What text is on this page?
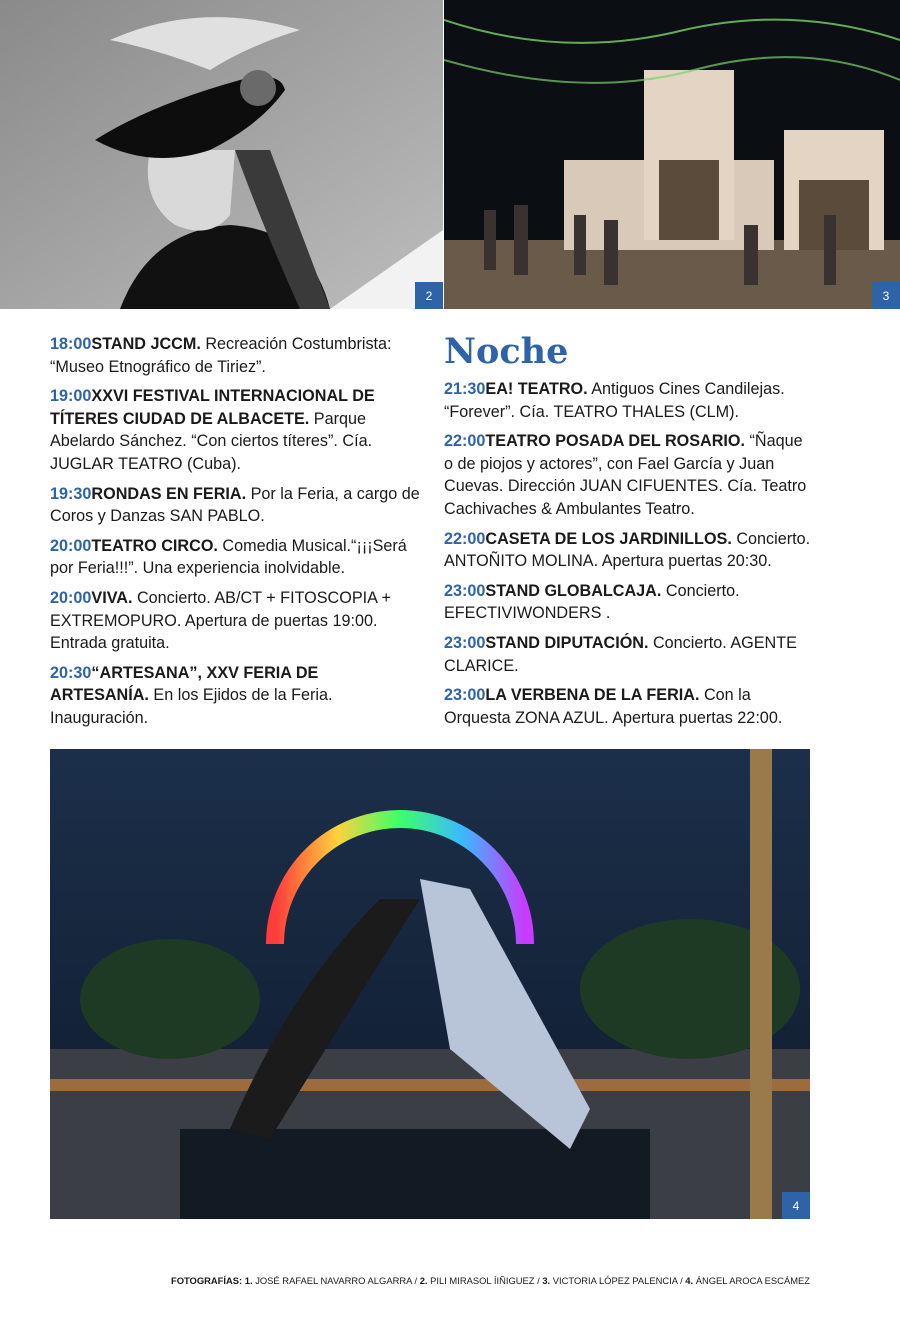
2	3

18:00STAND JCCM. Recreación Costumbrista: “Museo Etnográfico de Tiriez”.

19:00XXVI FESTIVAL INTERNACIONAL DE TÍTERES CIUDAD DE ALBACETE. Parque Abelardo Sánchez. “Con ciertos títeres”. Cía. JUGLAR TEATRO (Cuba).

19:30RONDAS EN FERIA. Por la Feria, a cargo de Coros y Danzas SAN PABLO.

20:00TEATRO CIRCO. Comedia Musical.“¡¡¡Será por Feria!!!”. Una experiencia inolvidable.

20:00VIVA. Concierto. AB/CT + FITOSCOPIA + EXTREMOPURO. Apertura de puertas 19:00. Entrada gratuita.

20:30“ARTESANA”, XXV FERIA DE ARTESANÍA. En los Ejidos de la Feria. Inauguración.

Noche

21:30EA! TEATRO. Antiguos Cines Candilejas. “Forever”. Cía. TEATRO THALES (CLM).

22:00TEATRO POSADA DEL ROSARIO. “Ñaque o de piojos y actores”, con Fael García y Juan Cuevas. Dirección JUAN CIFUENTES. Cía. Teatro Cachivaches & Ambulantes Teatro.

22:00CASETA DE LOS JARDINILLOS. Concierto. ANTOÑITO MOLINA. Apertura puertas 20:30.

23:00STAND GLOBALCAJA. Concierto. EFECTIVIWONDERS .

23:00STAND DIPUTACIÓN. Concierto. AGENTE CLARICE.

23:00LA VERBENA DE LA FERIA. Con la Orquesta ZONA AZUL. Apertura puertas 22:00.

4
FOTOGRAFÍAS: 1. JOSÉ RAFAEL NAVARRO ALGARRA / 2. PILI MIRASOL ÍIÑIGUEZ / 3. VICTORIA LÓPEZ PALENCIA / 4. ÁNGEL AROCA ESCÁMEZ
